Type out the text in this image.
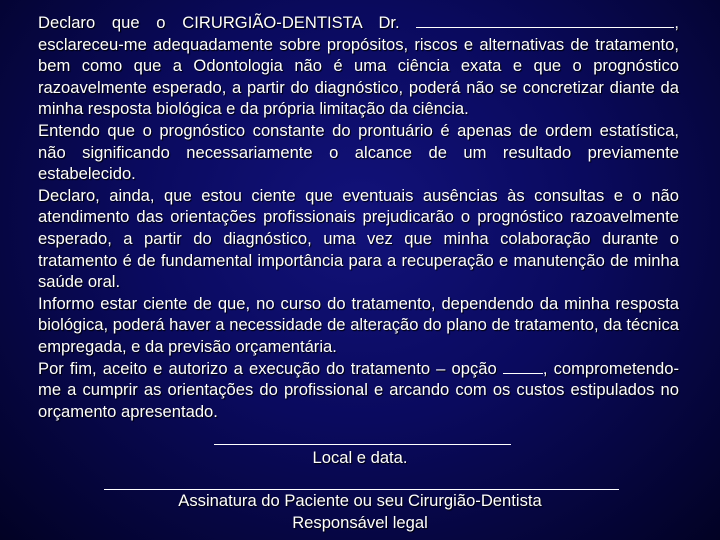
Declaro que o CIRURGIÃO-DENTISTA Dr.	, esclareceu-me adequadamente sobre propósitos, riscos e alternativas de tratamento, bem como que a Odontologia não é uma ciência exata e que o prognóstico razoavelmente esperado, a partir do diagnóstico, poderá não se concretizar diante da minha resposta biológica e da própria limitação da ciência.

Entendo que o prognóstico constante do prontuário é apenas de ordem estatística, não significando necessariamente o alcance de um resultado previamente estabelecido.

Declaro, ainda, que estou ciente que eventuais ausências às consultas e o não atendimento das orientações profissionais prejudicarão o prognóstico razoavelmente esperado, a partir do diagnóstico, uma vez que minha colaboração durante o tratamento é de fundamental importância para a recuperação e manutenção de minha saúde oral.

Informo estar ciente de que, no curso do tratamento, dependendo da minha resposta biológica, poderá haver a necessidade de alteração do plano de tratamento, da técnica empregada, e da previsão orçamentária.

Por fim, aceito e autorizo a execução do tratamento – opção , comprometendo-me a cumprir as orientações do profissional e arcando com os custos estipulados no orçamento apresentado.

Local e data.
Assinatura do Paciente ou seu Cirurgião-Dentista
Responsável legal
